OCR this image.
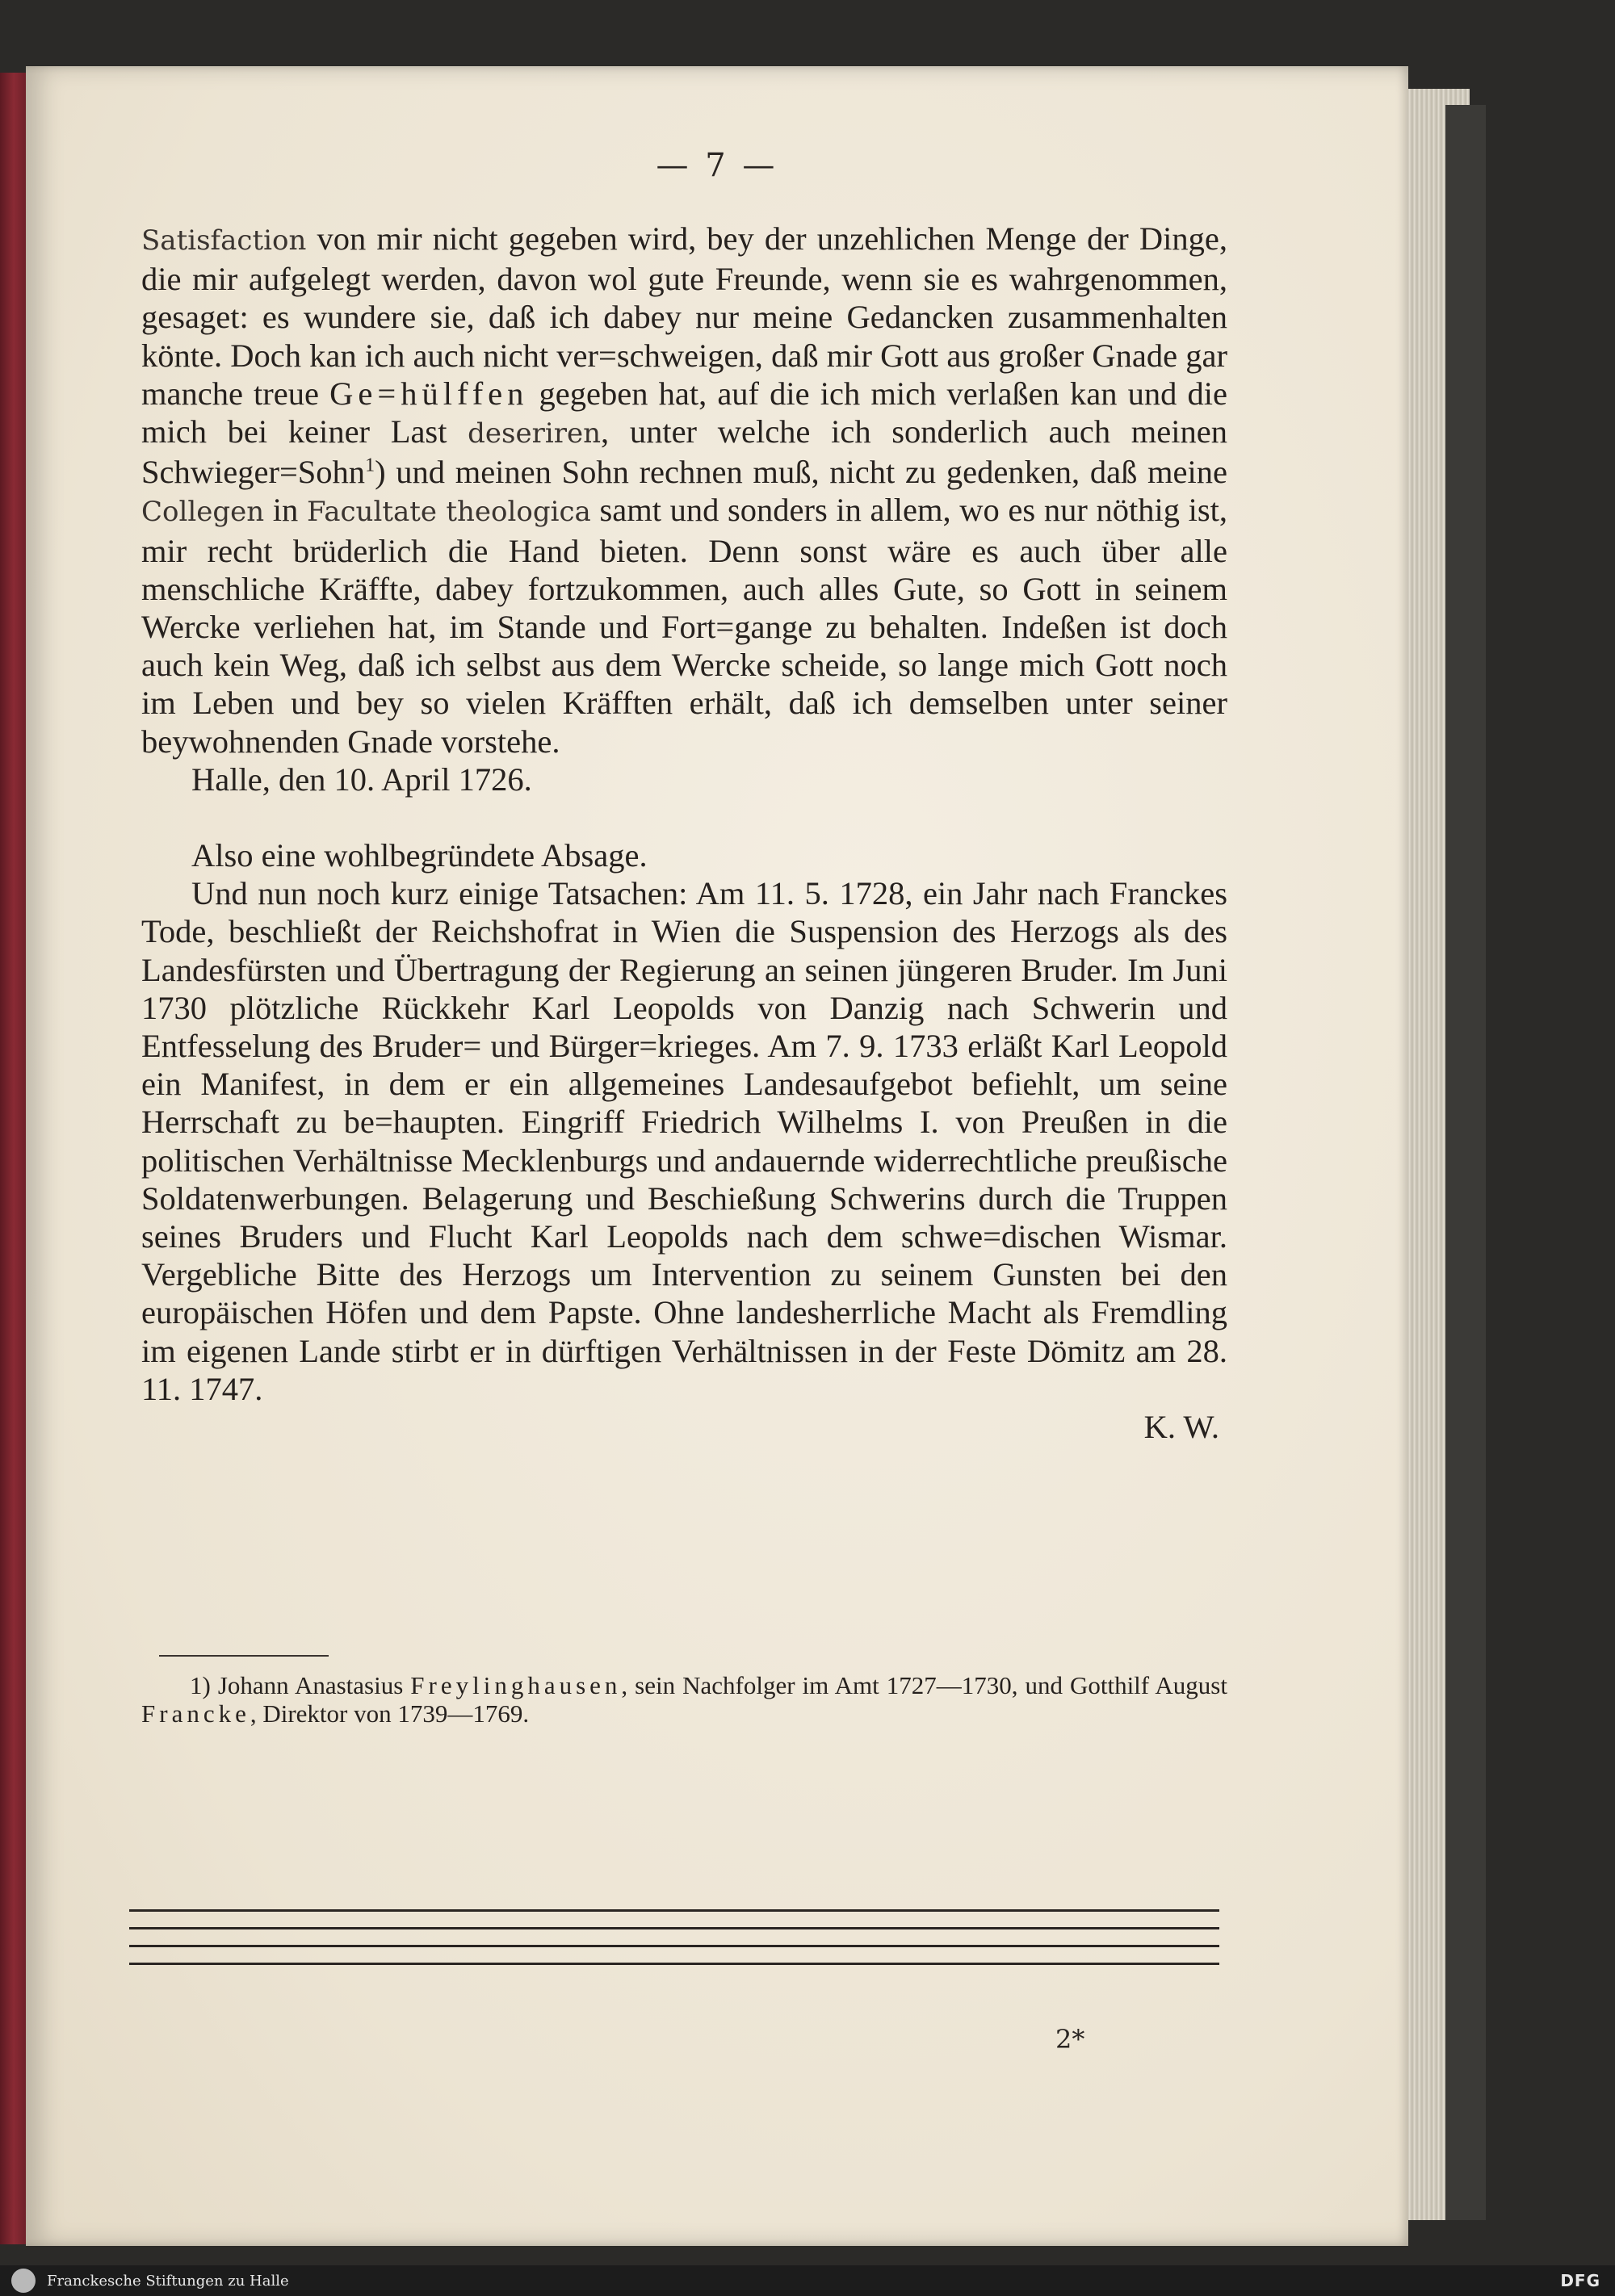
— 7 —

Satisfaction von mir nicht gegeben wird, bey der unzehlichen Menge der Dinge, die mir aufgelegt werden, davon wol gute Freunde, wenn sie es wahrgenommen, gesaget: es wundere sie, daß ich dabey nur meine Gedancken zusammenhalten könte. Doch kan ich auch nicht ver=schweigen, daß mir Gott aus großer Gnade gar manche treue Ge=hülffen gegeben hat, auf die ich mich verlaßen kan und die mich bei keiner Last deseriren, unter welche ich sonderlich auch meinen Schwieger=Sohn$^1$) und meinen Sohn rechnen muß, nicht zu gedenken, daß meine Collegen in Facultate theologica samt und sonders in allem, wo es nur nöthig ist, mir recht brüderlich die Hand bieten. Denn sonst wäre es auch über alle menschliche Kräffte, dabey fortzukommen, auch alles Gute, so Gott in seinem Wercke verliehen hat, im Stande und Fort=gange zu behalten. Indeßen ist doch auch kein Weg, daß ich selbst aus dem Wercke scheide, so lange mich Gott noch im Leben und bey so vielen Kräfften erhält, daß ich demselben unter seiner beywohnenden Gnade vorstehe.

Halle, den 10. April 1726.

Also eine wohlbegründete Absage.

Und nun noch kurz einige Tatsachen: Am 11. 5. 1728, ein Jahr nach Franckes Tode, beschließt der Reichshofrat in Wien die Suspension des Herzogs als des Landesfürsten und Übertragung der Regierung an seinen jüngeren Bruder. Im Juni 1730 plötzliche Rückkehr Karl Leopolds von Danzig nach Schwerin und Entfesselung des Bruder= und Bürger=krieges. Am 7. 9. 1733 erläßt Karl Leopold ein Manifest, in dem er ein allgemeines Landesaufgebot befiehlt, um seine Herrschaft zu be=haupten. Eingriff Friedrich Wilhelms I. von Preußen in die politischen Verhältnisse Mecklenburgs und andauernde widerrechtliche preußische Soldatenwerbungen. Belagerung und Beschießung Schwerins durch die Truppen seines Bruders und Flucht Karl Leopolds nach dem schwe=dischen Wismar. Vergebliche Bitte des Herzogs um Intervention zu seinem Gunsten bei den europäischen Höfen und dem Papste. Ohne landesherrliche Macht als Fremdling im eigenen Lande stirbt er in dürftigen Verhältnissen in der Feste Dömitz am 28. 11. 1747.

K. W.

1) Johann Anastasius Freylinghausen, sein Nachfolger im Amt 1727—1730, und Gotthilf August Francke, Direktor von 1739—1769.

2*
Franckesche Stiftungen zu Halle	DFG
